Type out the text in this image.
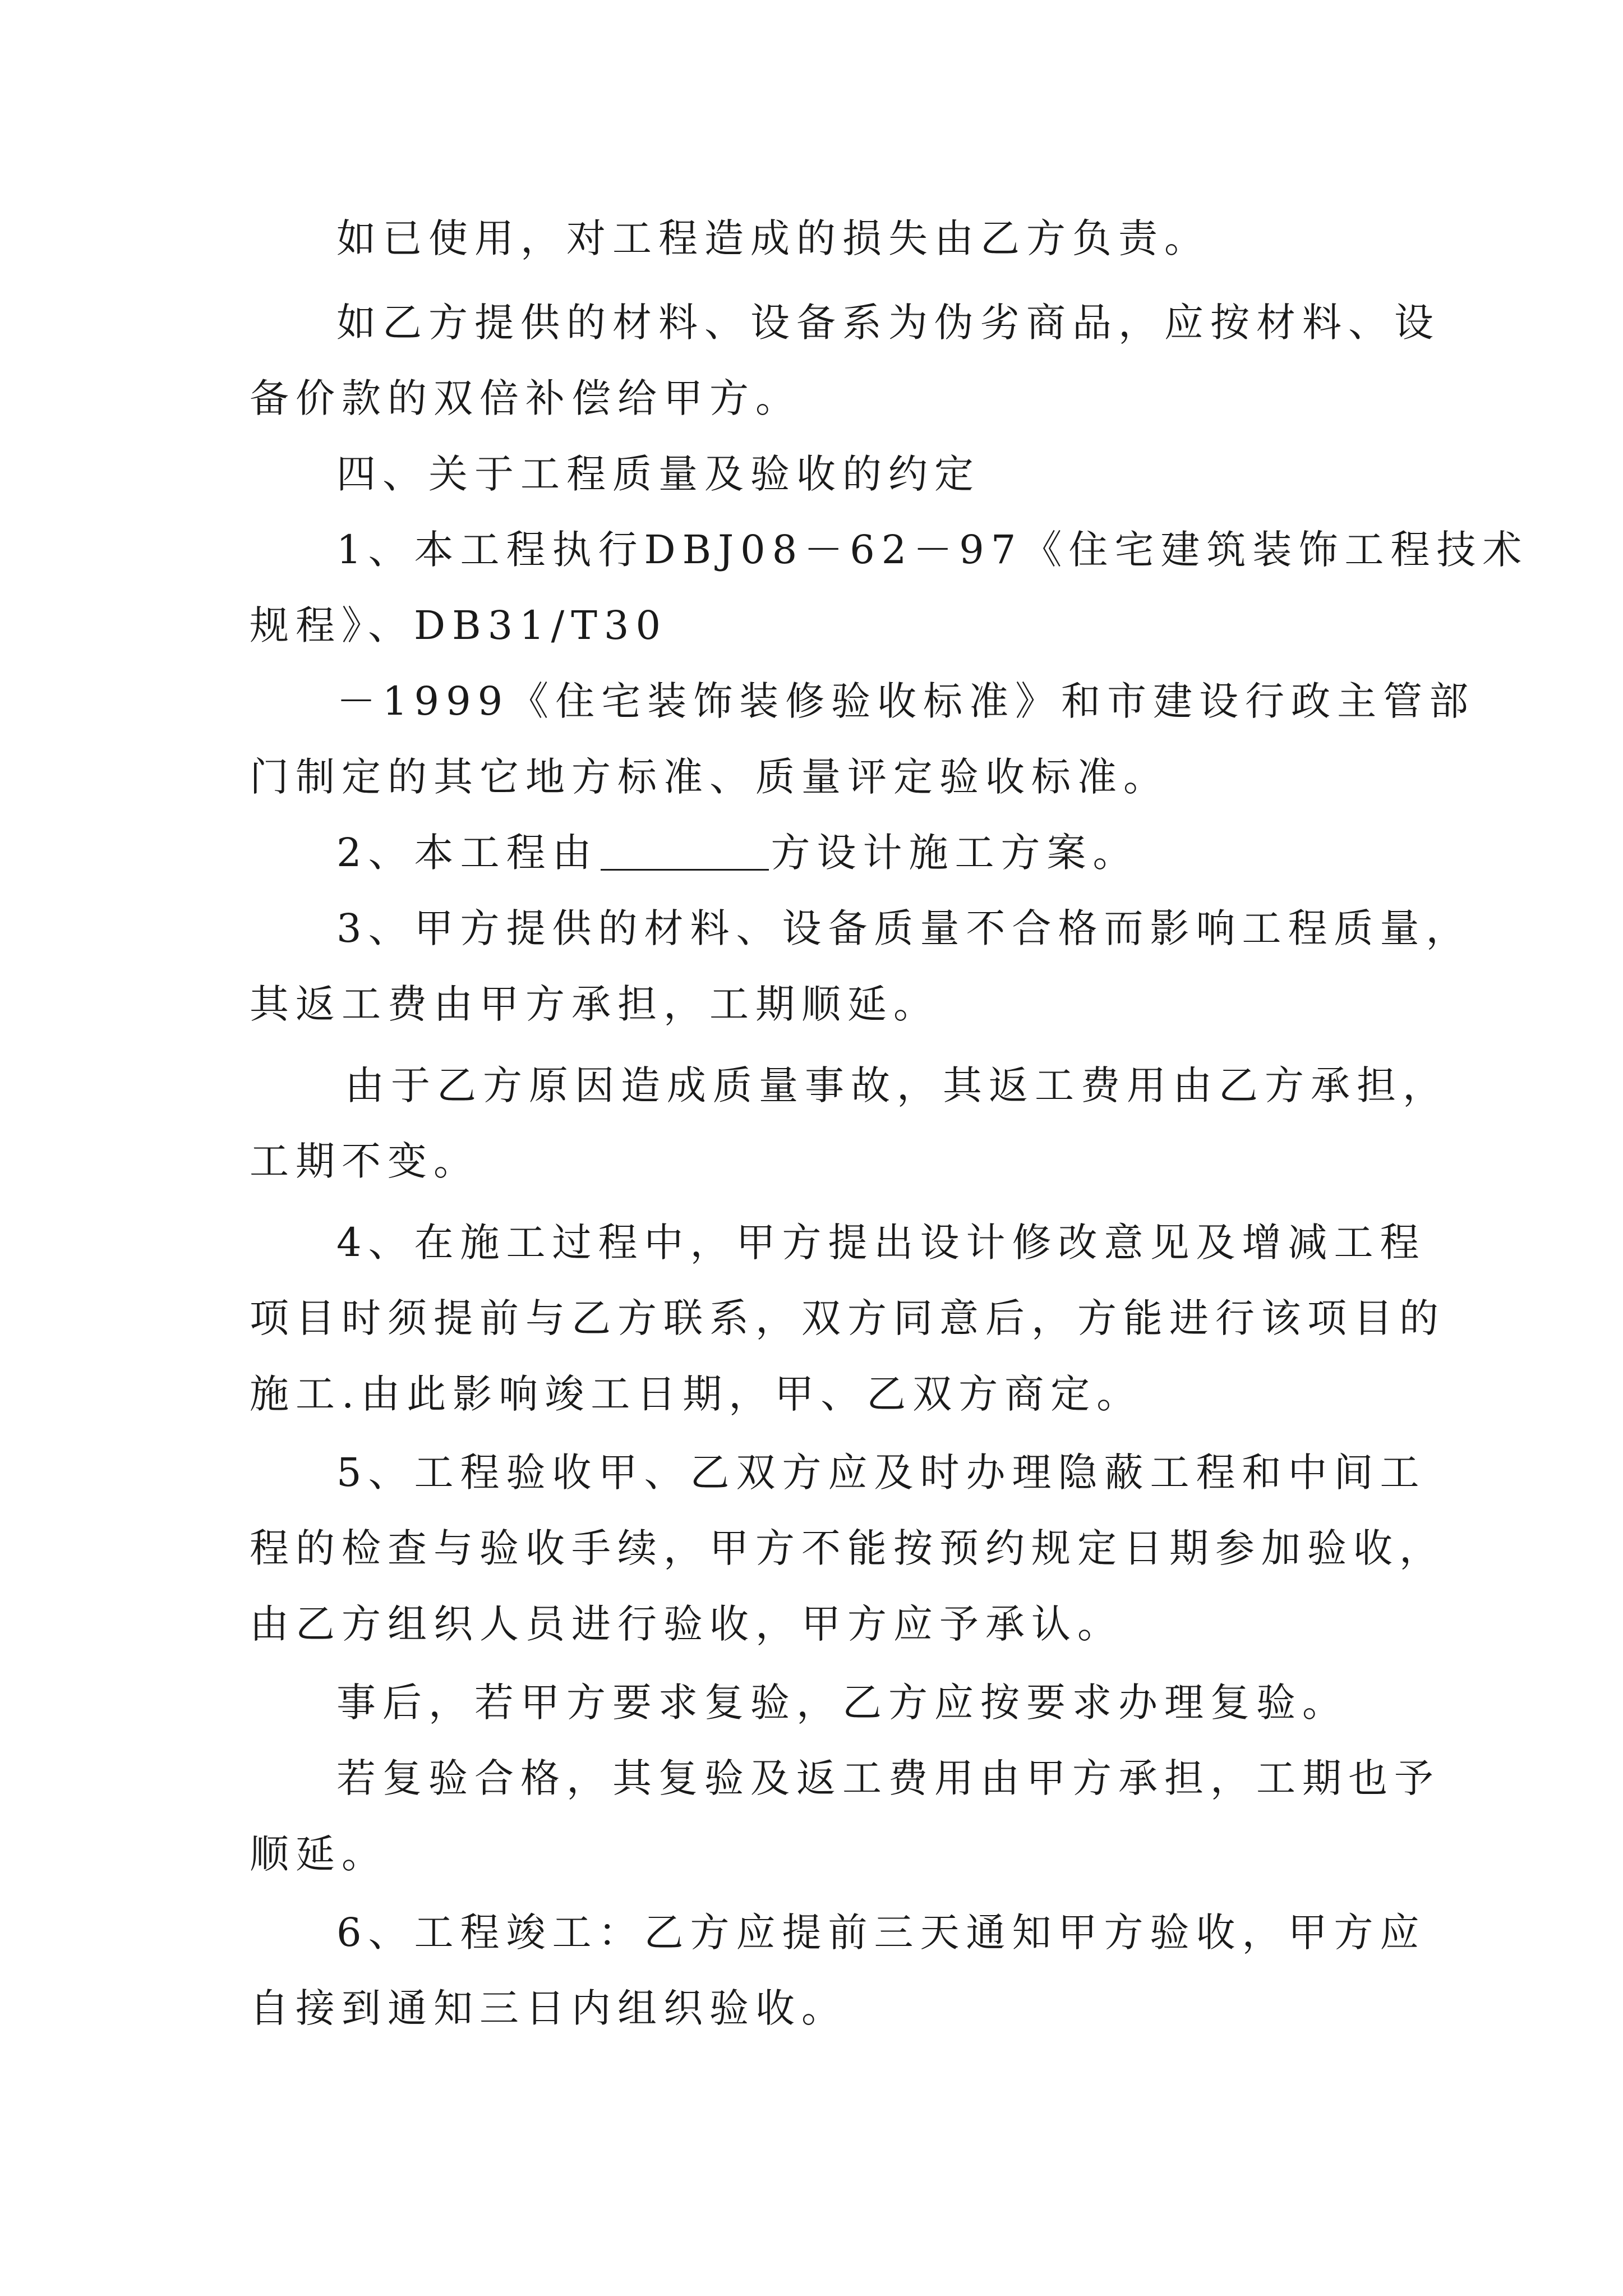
如已使用，对工程造成的损失由乙方负责。
如乙方提供的材料、设备系为伪劣商品，应按材料、设
备价款的双倍补偿给甲方。
四、关于工程质量及验收的约定
1、本工程执行DBJ08－62－97《住宅建筑装饰工程技术
规程》、DB31/T30
－1999《住宅装饰装修验收标准》和市建设行政主管部
门制定的其它地方标准、质量评定验收标准。
2、本工程由	方设计施工方案。
3、甲方提供的材料、设备质量不合格而影响工程质量，
其返工费由甲方承担，工期顺延。
由于乙方原因造成质量事故，其返工费用由乙方承担，
工期不变。
4、在施工过程中，甲方提出设计修改意见及增减工程
项目时须提前与乙方联系，双方同意后，方能进行该项目的
施工.由此影响竣工日期，甲、乙双方商定。
5、工程验收甲、乙双方应及时办理隐蔽工程和中间工
程的检查与验收手续，甲方不能按预约规定日期参加验收，
由乙方组织人员进行验收，甲方应予承认。
事后，若甲方要求复验，乙方应按要求办理复验。
若复验合格，其复验及返工费用由甲方承担，工期也予
顺延。
6、工程竣工：乙方应提前三天通知甲方验收，甲方应
自接到通知三日内组织验收。
